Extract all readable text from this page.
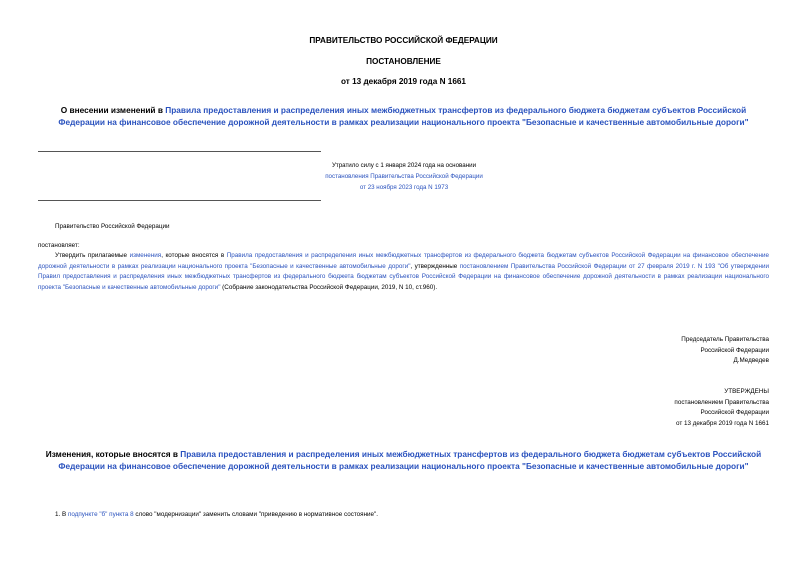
ПРАВИТЕЛЬСТВО РОССИЙСКОЙ ФЕДЕРАЦИИ
ПОСТАНОВЛЕНИЕ
от 13 декабря 2019 года N 1661
О внесении изменений в Правила предоставления и распределения иных межбюджетных трансфертов из федерального бюджета бюджетам субъектов Российской Федерации на финансовое обеспечение дорожной деятельности в рамках реализации национального проекта "Безопасные и качественные автомобильные дороги"
Утратило силу с 1 января 2024 года на основании
постановления Правительства Российской Федерации
от 23 ноября 2023 года N 1973
Правительство Российской Федерации
постановляет:
Утвердить прилагаемые изменения, которые вносятся в Правила предоставления и распределения иных межбюджетных трансфертов из федерального бюджета бюджетам субъектов Российской Федерации на финансовое обеспечение дорожной деятельности в рамках реализации национального проекта "Безопасные и качественные автомобильные дороги", утвержденные постановлением Правительства Российской Федерации от 27 февраля 2019 г. N 193 "Об утверждении Правил предоставления и распределения иных межбюджетных трансфертов из федерального бюджета бюджетам субъектов Российской Федерации на финансовое обеспечение дорожной деятельности в рамках реализации национального проекта "Безопасные и качественные автомобильные дороги" (Собрание законодательства Российской Федерации, 2019, N 10, ст.960).
Председатель Правительства
Российской Федерации
Д.Медведев
УТВЕРЖДЕНЫ
постановлением Правительства
Российской Федерации
от 13 декабря 2019 года N 1661
Изменения, которые вносятся в Правила предоставления и распределения иных межбюджетных трансфертов из федерального бюджета бюджетам субъектов Российской Федерации на финансовое обеспечение дорожной деятельности в рамках реализации национального проекта "Безопасные и качественные автомобильные дороги"
1. В подпункте "б" пункта 8 слово "модернизации" заменить словами "приведению в нормативное состояние".
